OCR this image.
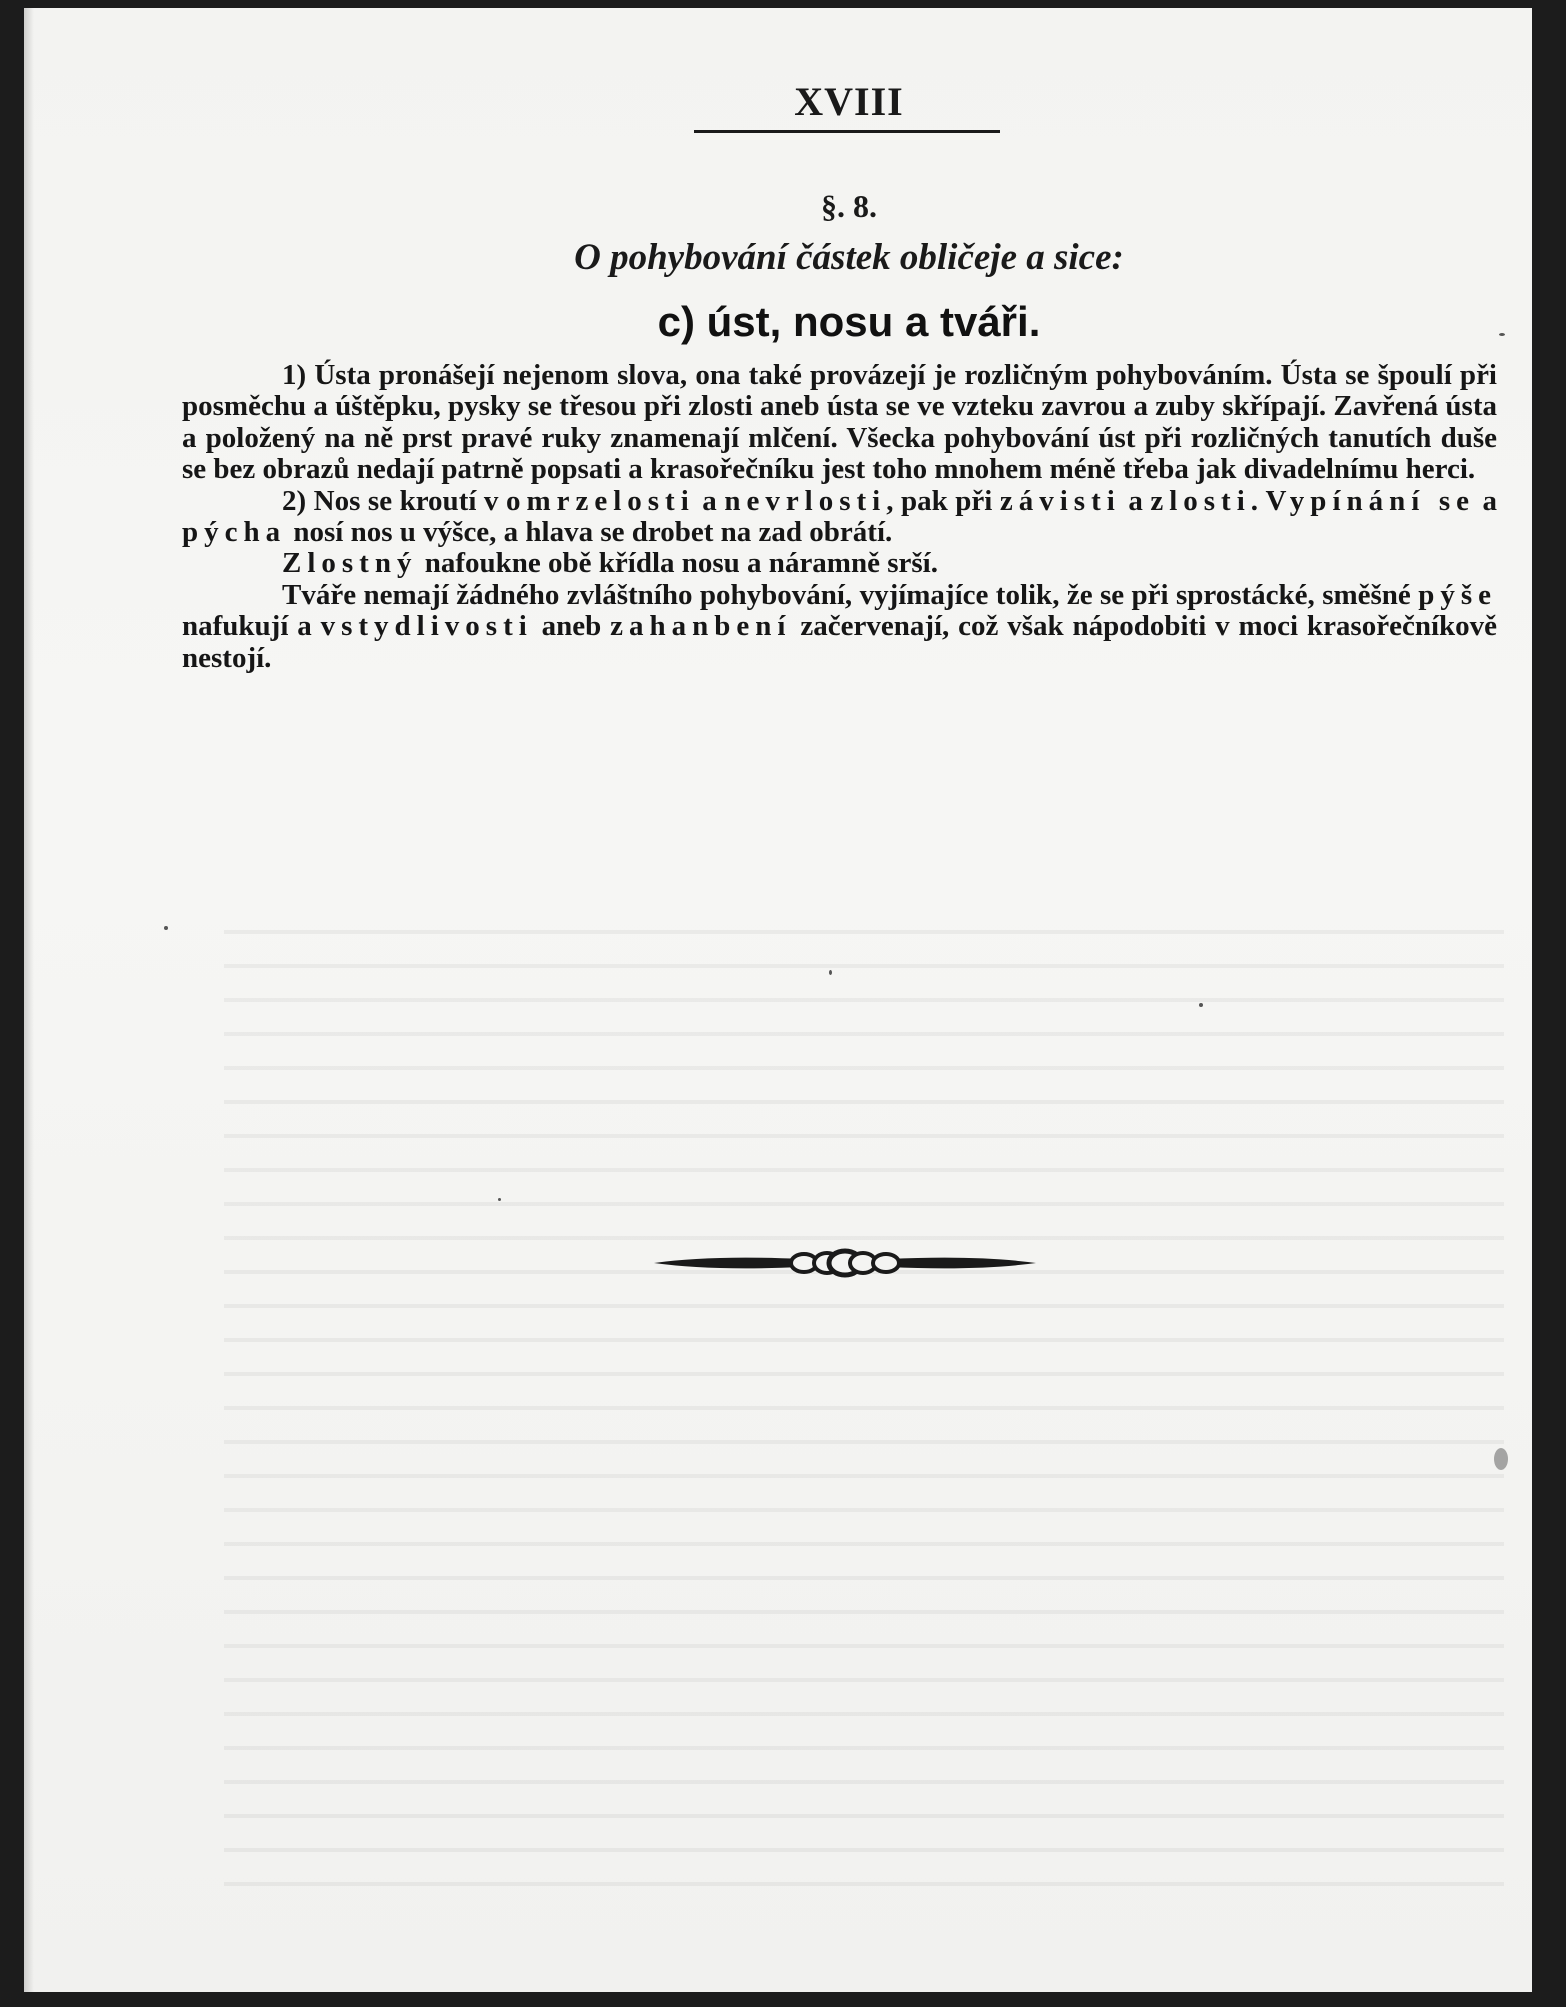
XVIII
§. 8.
O pohybování částek obličeje a sice:
c) úst, nosu a tváři.

1) Ústa pronášejí nejenom slova, ona také provázejí je rozličným pohybováním. Ústa se špoulí při posměchu a úštěpku, pysky se třesou při zlosti aneb ústa se ve vzteku zavrou a zuby skřípají. Zavřená ústa a položený na ně prst pravé ruky znamenají mlčení. Všecka pohybování úst při rozličných tanutích duše se bez obrazů nedají patrně popsati a krasořečníku jest toho mnohem méně třeba jak divadelnímu herci.

2) Nos se kroutí v omrzelosti a nevrlosti, pak při závisti a zlosti. Vypínání se a pýcha nosí nos u výšce, a hlava se drobet na zad obrátí.

Zlostný nafoukne obě křídla nosu a náramně srší.

Tváře nemají žádného zvláštního pohybování, vyjímajíce tolik, že se při sprostácké, směšné pýše nafukují a vstydlivosti aneb zahanbení začervenají, což však nápodobiti v moci krasořečníkově nestojí.
